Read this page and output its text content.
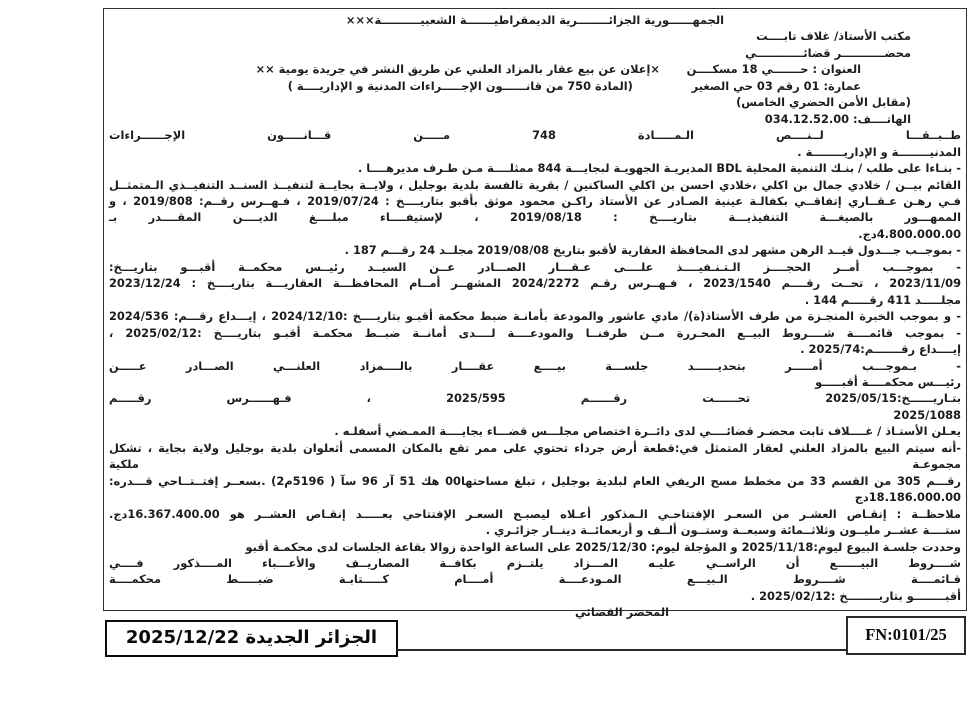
الجمهــــــورية الجزائــــــــرية الديمقراطيـــــــة الشعبيــــــــــة×××
مكتب الأستاذ/ غلاف تابــــت
محضـــــــــــر قضائــــــــــــي
العنوان : حـــــــي 18 مسكــــن
×إعلان عن بيع عقار بالمزاد العلني عن طريق النشر في جريدة يومية ××
عمارة: 01 رقم 03 حي الصغير
(المادة 750 من قانــــــون الإجـــــراءات المدنية و الإداريــــة )
(مقابل الأمن الحضري الخامس)
الهاتــــف: 034.12.52.00
طــبــقـــا لــنــــص الـمـــــادة 748 مـــــن قـــانـــــون الإجــــــراءات
المدنيــــــــة و الإداريــــــــة .
- بنـاءا على طلب / بنـك التنمية المحلية BDL المديريـة الجهويـة لبجايـــة 844 ممثلــــة مـن طـرف مديرهــــا .
القائم بيــن / خلادي جمال بن اكلي ،خلادي احسن بن اكلي الساكنين / بقرية تالفسة بلدية بوجليل ، ولايــة بجايــة لتنفيــذ السنــد التنفيــذي الـمتمثــل
فـي رهـن عـقــاري إتفاقــي بكفالـة عينية الصـادر عن الأستاذ راكـن محمود موثق بأقبو بتاريــــخ : 2019/07/24 ، فـهــرس رقــم: 2019/808 ، و
الممهـــور بالصيغـــة التنفيذيـــة بتاريــــخ : 2019/08/18 ، لإستيفــــاء مبلــــغ الديــــن المقــــدر بـ
4.800.000.00دج.
- بموجــب جـــدول قيــد الرهن مشهر لدى المحافظة العقارية لأقبو بتاريخ 2019/08/08 مجلــد 24 رقـــم 187 .
- بموجـــب أمــر الحجــــز الـتـنـفيــــذ علــــى عـقـــار الصـــادر عــن السيــد رئيــس محكمــة أقبـــو بتاريـــخ:
2023/11/09 ، تحــت رقــــم 2023/1540 ، فـهــرس رقـم 2024/2272 المشهــر أمــام المحافظـــة العقاريـــة بتاريــــخ : 2023/12/24
مجلـــــد 411 رقـــــم 144 .
- و بموجب الخبرة المنجـزة من طرف الأستاذ(ة)/ مادي عاشور والمودعة بأمانـة ضبط محكمة أقبـو بتاريــــخ :2024/12/10 ، إيـــداع رقـــم: 2024/536
- بموجب قائمــــة شــــروط البيــع المحـررة مــن طرفنــا والمودعــــة لــــدى أمانــة ضبــط محكمـة أقبـو بتاريــــخ :2025/02/12 ،
إيــــداع رقـــــــم:2025/74 .
- بـموجـــب أمـــــر بتحديــــــد جلســـة بيــــع عقــــار بالــــمزاد العلنـــي الصـــادر عـــــن
رئيـــس محكمــــة أقبـــــو
بتـاريــــــخ:2025/05/15 تحــــــت رقــــــم 2025/595 ، فـهــــــرس رقـــــم
2025/1088
يعـلن الأستـاذ / غــــلاف تابت محضـر قضائــــي لدى دائــرة اختصاص مجلـــس قضـــاء بجايــــة الممـضي أسفلـه .
-أنه سيتم البيع بالمزاد العلني لعقار المتمثل في:قطعة أرض جرداء تحتوي على ممر تقع بالمكان المسمى أثعلوان بلدية بوجليل ولاية بجاية ، تشكل مجموعـة ملكية
رقـــم 305 من القسم 33 من مخطط مسح الريفي العام لبلدية بوجليل ، تبلغ مساحتها00 هك 51 آر 96 سآ ( 5196م2) .بسعــر إفتــتــاحي قـــدره:
18.186.000.00دج
ملاحظــة : إنقـاص العشـر من السعـر الإفتتاحـي الـمذكور أعـلاه ليصبـح السعـر الإفتتاحي بعـــــد إنقـاص العشــر هو 16.367.400.00دج.
ستــــة عشــر مليــون وثلاثــمائة وسبعــة وستــون ألــف و أربعمائــة دينــار جزائـري .
وحددت جلسـة البيوع ليوم:2025/11/18 و المؤجلة ليوم: 2025/12/30 على الساعة الواحدة زوالا بقاعة الجلسات لدى محكمـة أقبو
شــــروط البيــــــع أن الراســي عليـه المـــزاد يلتــزم بكافــة المصاريــف والأعـــباء المــــذكور فــــي
قـائمــــة شــــروط الـبيـــع المـودعــــة أمــــام كـــــتابـة ضبـــــط محكمــــة
أقبــــــــو بتاريــــــــخ :2025/02/12 .
المحضر القضائي
الجزائر الجديدة 2025/12/22	FN:0101/25
